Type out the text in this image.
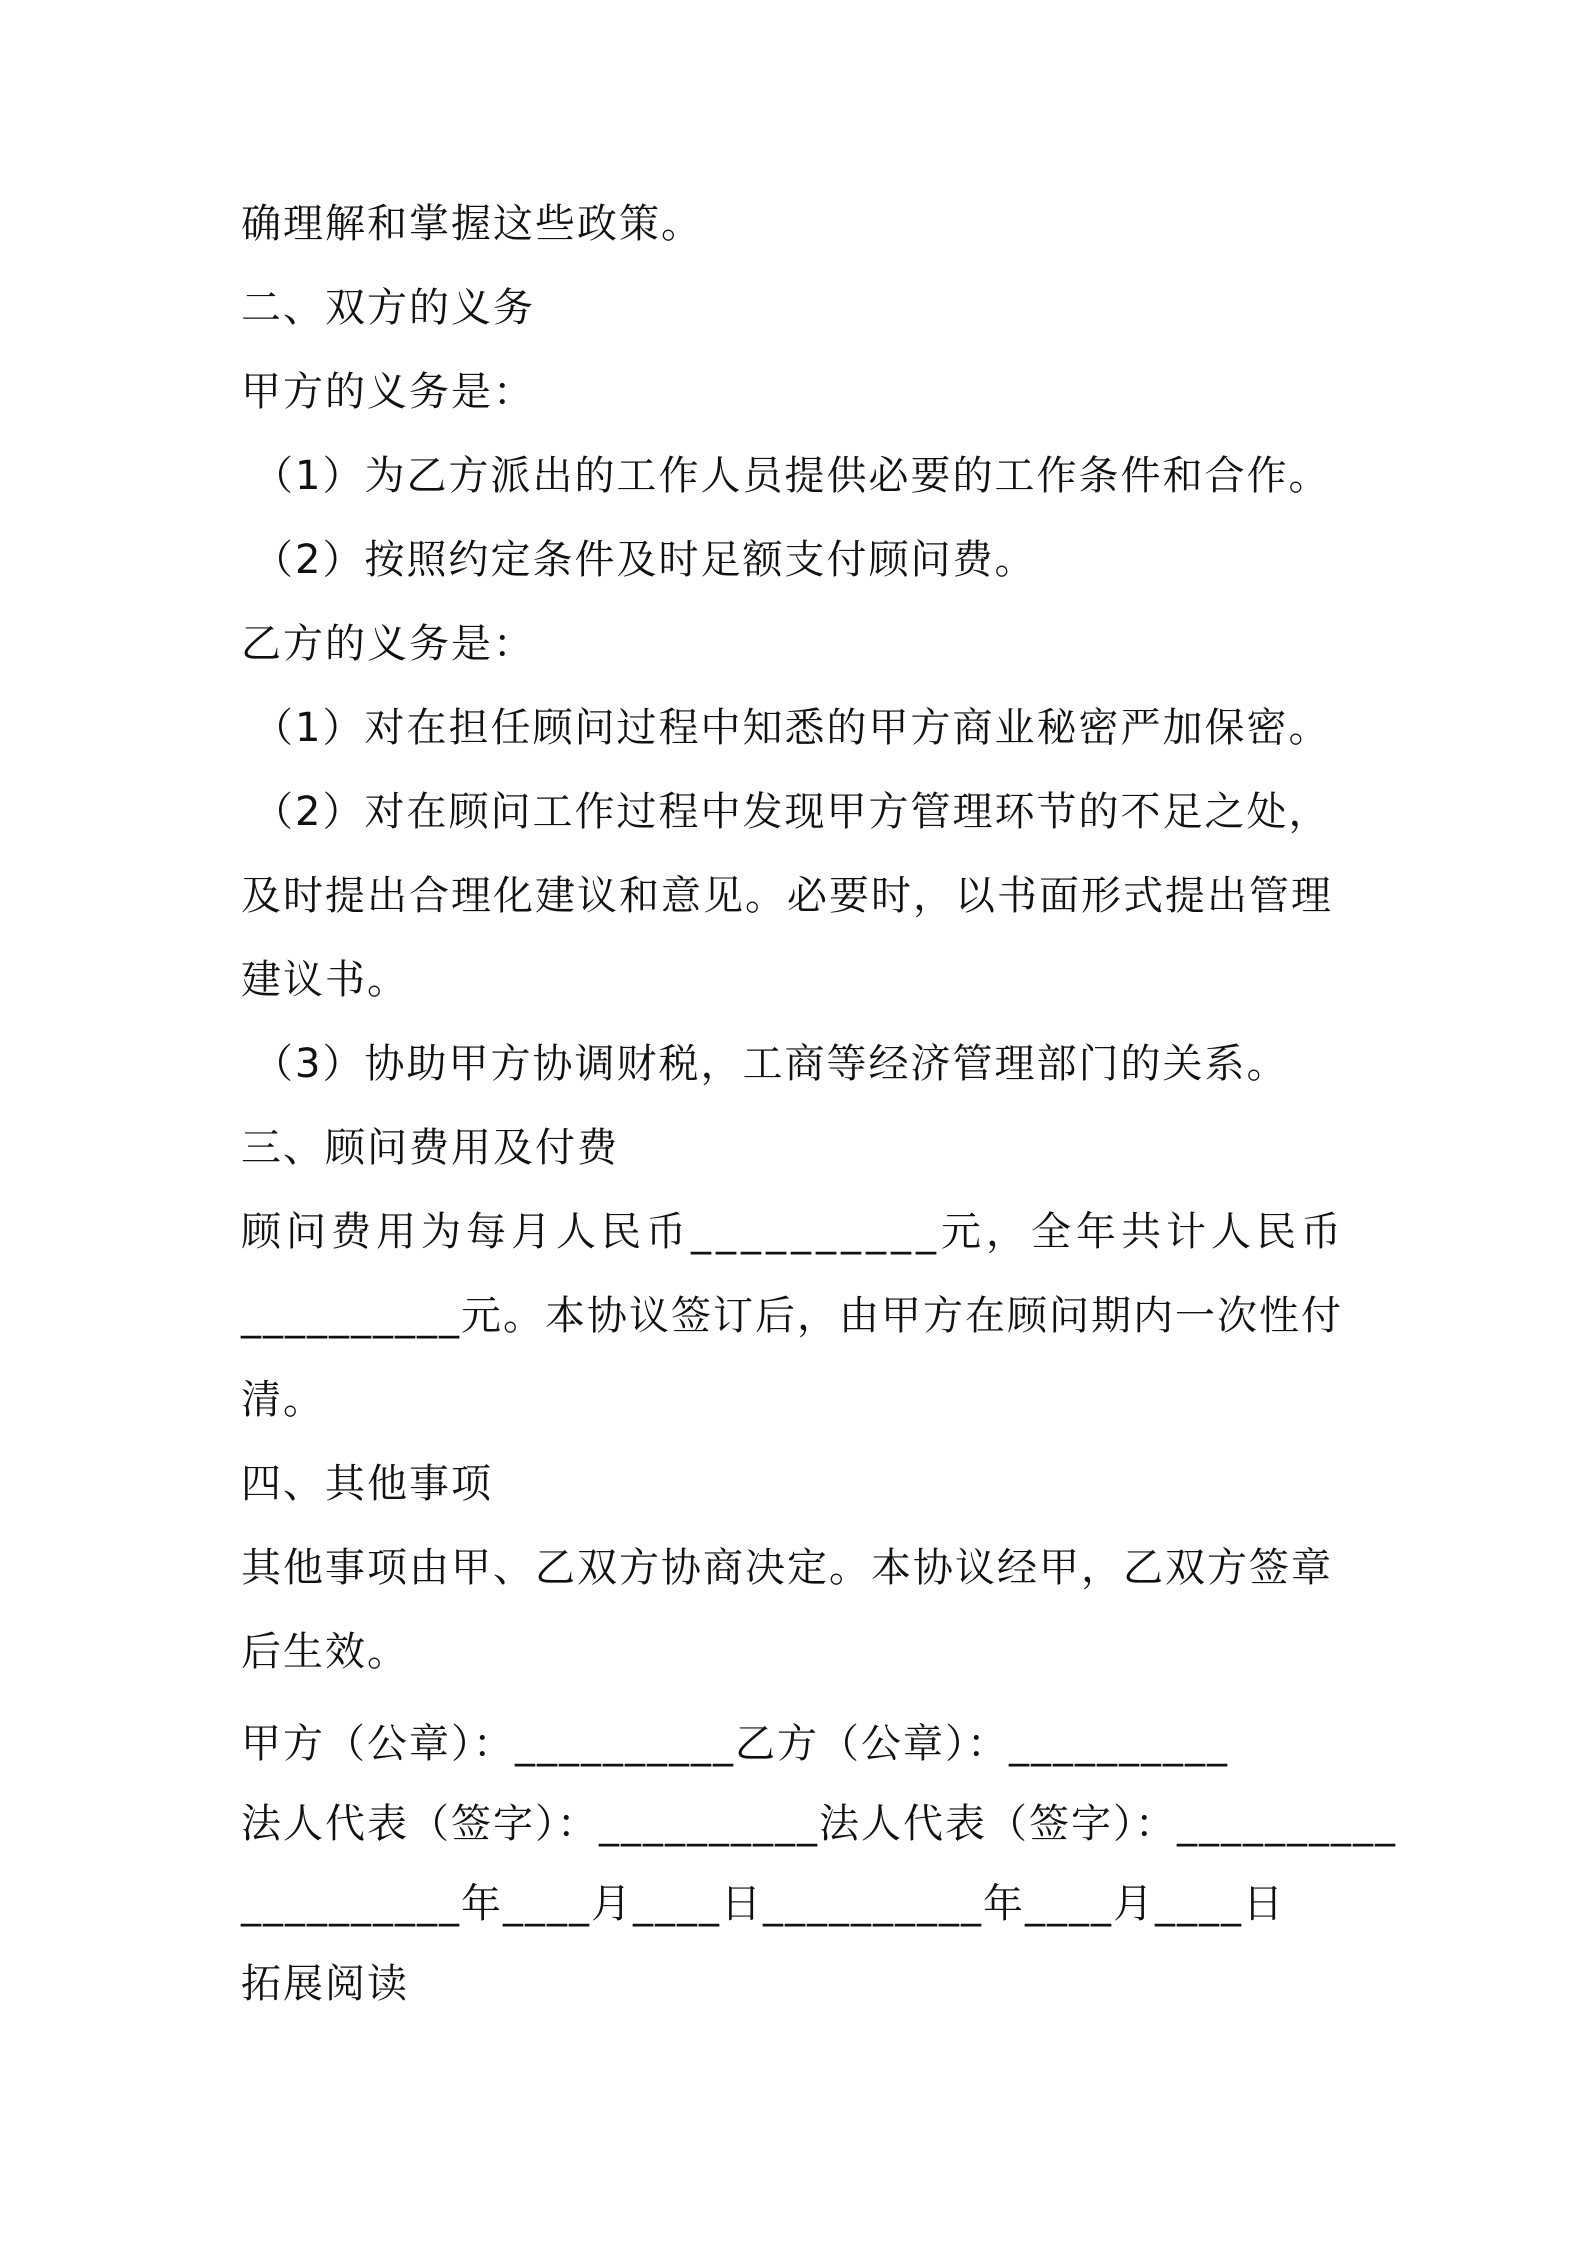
确理解和掌握这些政策。
二、双方的义务
甲方的义务是：
（1）为乙方派出的工作人员提供必要的工作条件和合作。
（2）按照约定条件及时足额支付顾问费。
乙方的义务是：
（1）对在担任顾问过程中知悉的甲方商业秘密严加保密。
（2）对在顾问工作过程中发现甲方管理环节的不足之处，
及时提出合理化建议和意见。必要时，以书面形式提出管理
建议书。
（3）协助甲方协调财税，工商等经济管理部门的关系。
三、顾问费用及付费
顾问费用为每月人民币__________元，全年共计人民币
__________元。本协议签订后，由甲方在顾问期内一次性付
清。
四、其他事项
其他事项由甲、乙双方协商决定。本协议经甲，乙双方签章
后生效。
甲方（公章）：__________乙方（公章）：__________
法人代表（签字）：__________法人代表（签字）：__________
__________年____月____日__________年____月____日
拓展阅读
